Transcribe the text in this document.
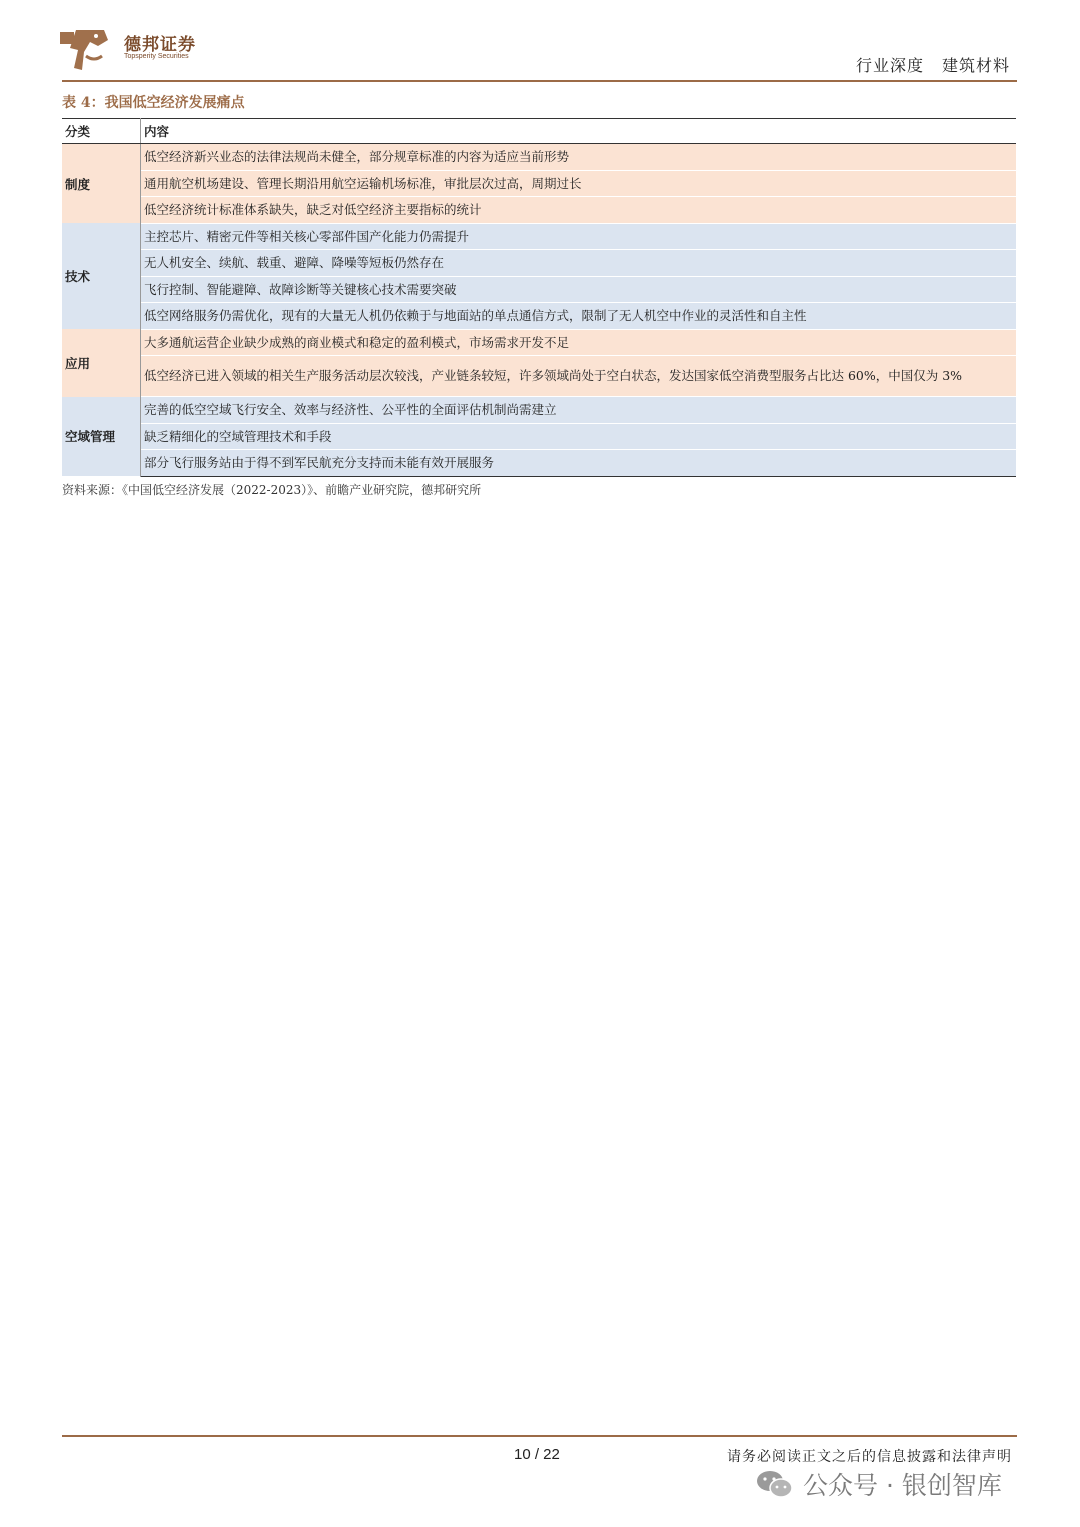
德邦证券
Topsperity Securities	行业深度 建筑材料
表 4：我国低空经济发展痛点
分类	内容
制度	低空经济新兴业态的法律法规尚未健全，部分规章标准的内容为适应当前形势
	通用航空机场建设、管理长期沿用航空运输机场标准，审批层次过高，周期过长
	低空经济统计标准体系缺失，缺乏对低空经济主要指标的统计
技术	主控芯片、精密元件等相关核心零部件国产化能力仍需提升
	无人机安全、续航、载重、避障、降噪等短板仍然存在
	飞行控制、智能避障、故障诊断等关键核心技术需要突破
	低空网络服务仍需优化，现有的大量无人机仍依赖于与地面站的单点通信方式，限制了无人机空中作业的灵活性和自主性
应用	大多通航运营企业缺少成熟的商业模式和稳定的盈利模式，市场需求开发不足
	低空经济已进入领域的相关生产服务活动层次较浅，产业链条较短，许多领域尚处于空白状态，发达国家低空消费型服务占比达 60%，中国仅为 3%
空域管理	完善的低空空域飞行安全、效率与经济性、公平性的全面评估机制尚需建立
	缺乏精细化的空域管理技术和手段
	部分飞行服务站由于得不到军民航充分支持而未能有效开展服务
资料来源：《中国低空经济发展（2022-2023）》、前瞻产业研究院，德邦研究所
10 / 22	请务必阅读正文之后的信息披露和法律声明
公众号 · 银创智库
